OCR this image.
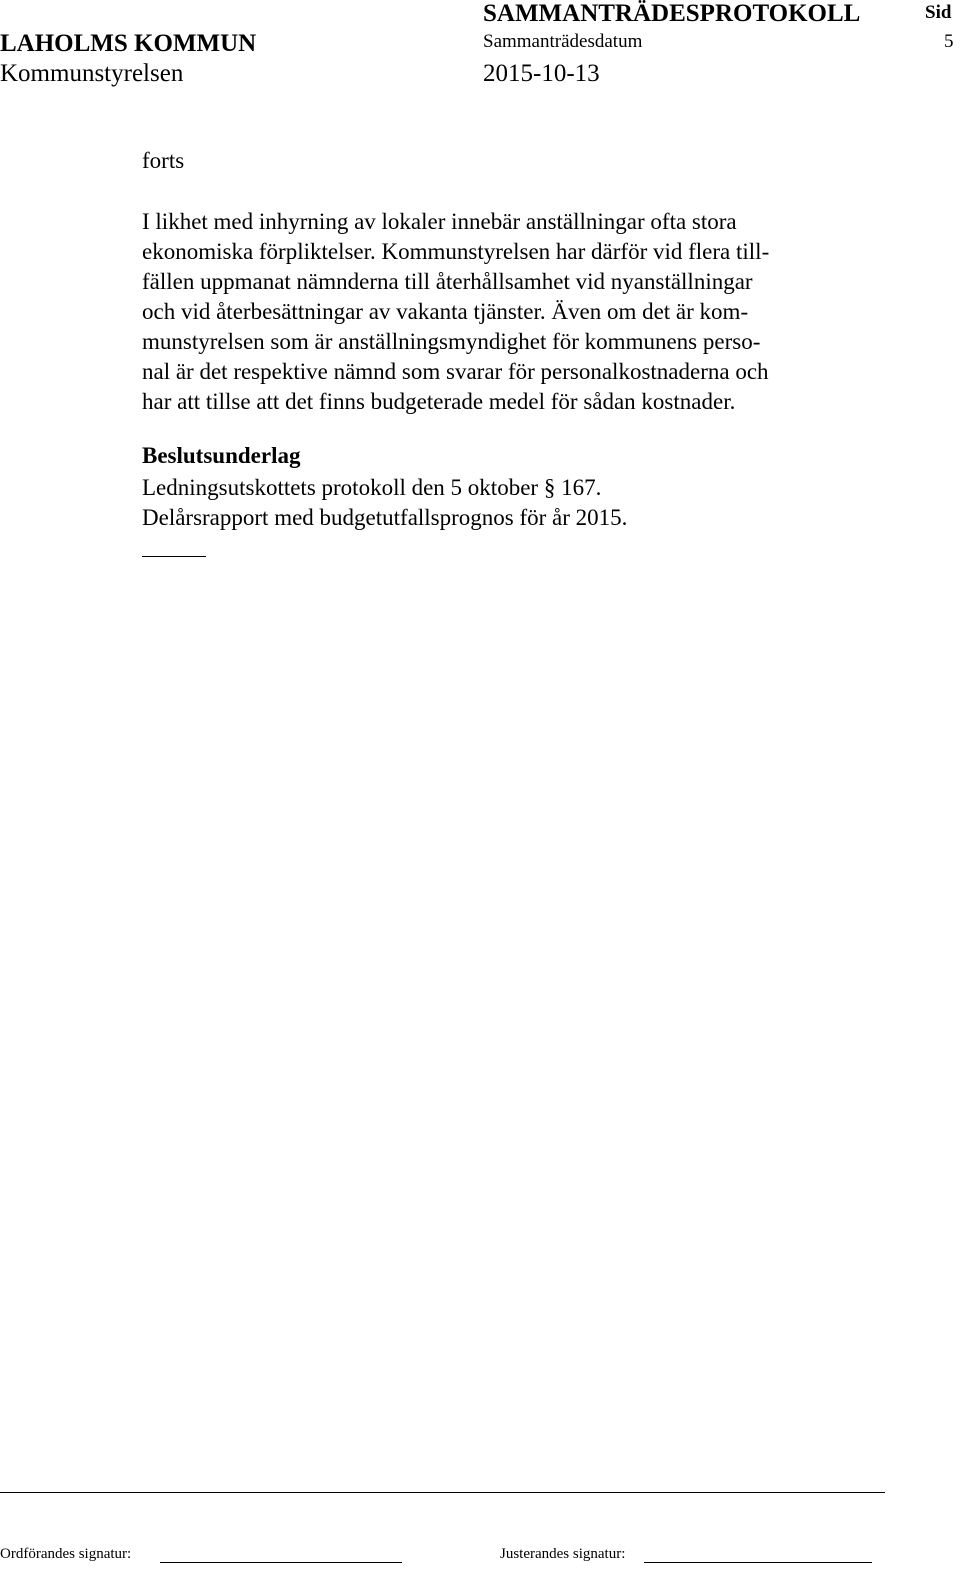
LAHOLMS KOMMUN
Kommunstyrelsen
SAMMANTRÄDESPROTOKOLL
Sammanträdesdatum
2015-10-13
Sid
5
forts

I likhet med inhyrning av lokaler innebär anställningar ofta stora
ekonomiska förpliktelser. Kommunstyrelsen har därför vid flera till-
fällen uppmanat nämnderna till återhållsamhet vid nyanställningar
och vid återbesättningar av vakanta tjänster. Även om det är kom-
munstyrelsen som är anställningsmyndighet för kommunens perso-
nal är det respektive nämnd som svarar för personalkostnaderna och
har att tillse att det finns budgeterade medel för sådan kostnader.

Beslutsunderlag
Ledningsutskottets protokoll den 5 oktober § 167.
Delårsrapport med budgetutfallsprognos för år 2015.
Ordförandes signatur:	Justerandes signatur:
